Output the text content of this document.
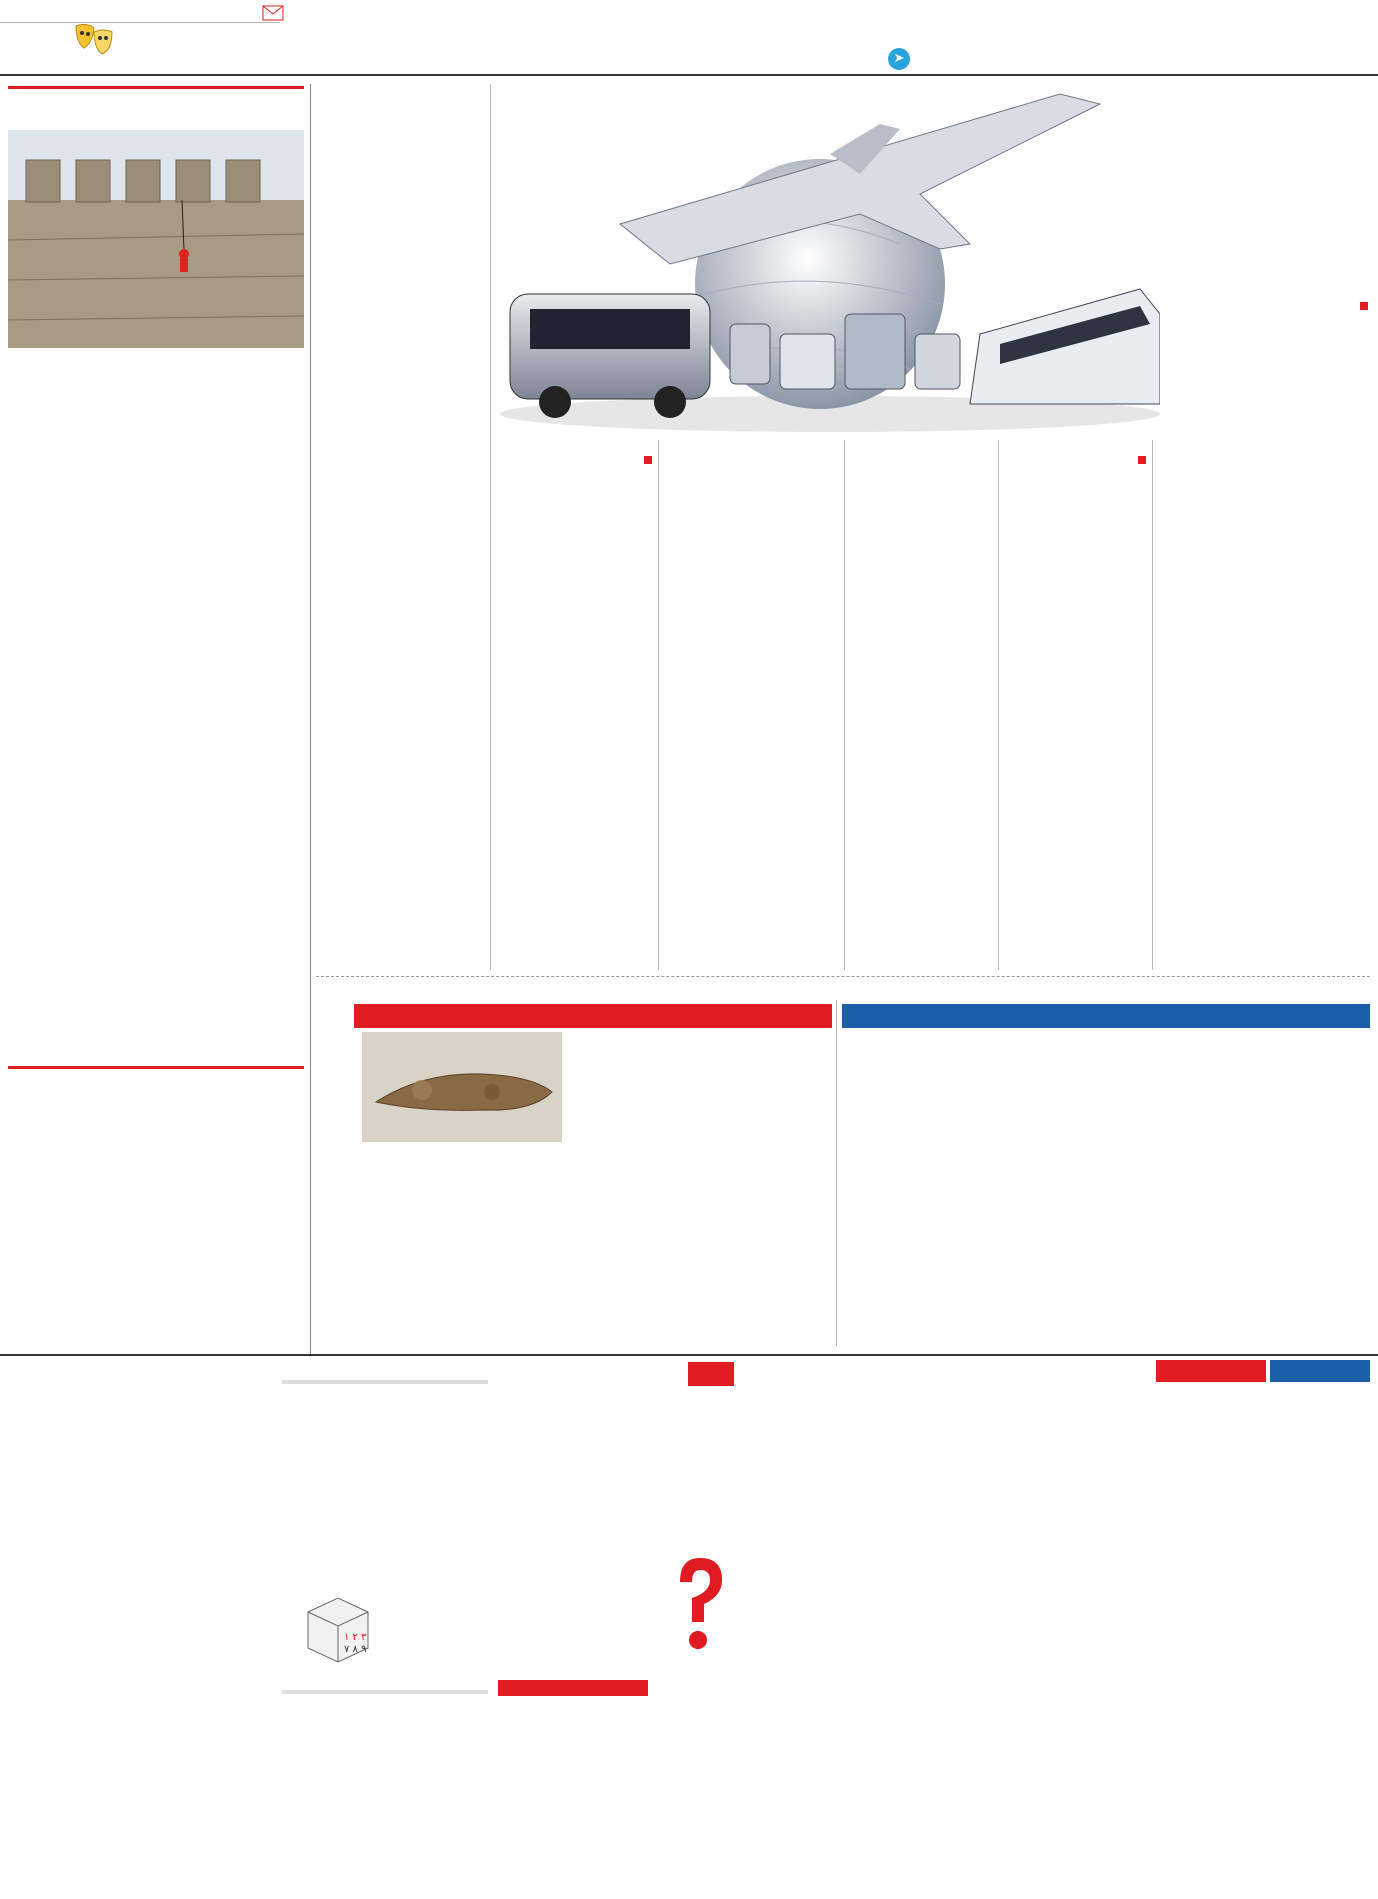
➤

۱ ۲ ۳
۷ ۸ ۹
